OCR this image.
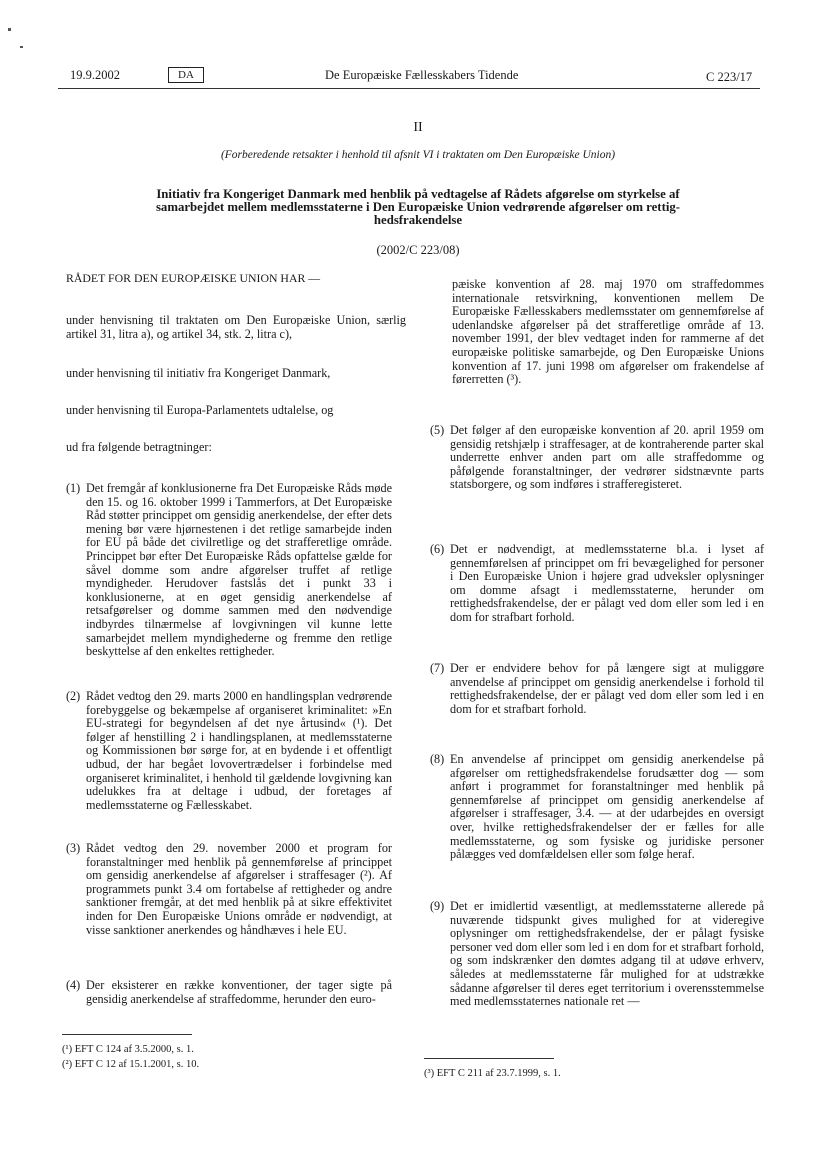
19.9.2002	DA	De Europæiske Fællesskabers Tidende	C 223/17
II
(Forberedende retsakter i henhold til afsnit VI i traktaten om Den Europæiske Union)
Initiativ fra Kongeriget Danmark med henblik på vedtagelse af Rådets afgørelse om styrkelse af
samarbejdet mellem medlemsstaterne i Den Europæiske Union vedrørende afgørelser om rettig-
hedsfrakendelse
(2002/C 223/08)
RÅDET FOR DEN EUROPÆISKE UNION HAR —
under henvisning til traktaten om Den Europæiske Union, særlig artikel 31, litra a), og artikel 34, stk. 2, litra c),
under henvisning til initiativ fra Kongeriget Danmark,
under henvisning til Europa-Parlamentets udtalelse, og
ud fra følgende betragtninger:
(1) Det fremgår af konklusionerne fra Det Europæiske Råds møde den 15. og 16. oktober 1999 i Tammerfors, at Det Europæiske Råd støtter princippet om gensidig anerkendelse, der efter dets mening bør være hjørnestenen i det retlige samarbejde inden for EU på både det civilretlige og det strafferetlige område. Princippet bør efter Det Europæiske Råds opfattelse gælde for såvel domme som andre afgørelser truffet af retlige myndigheder. Herudover fastslås det i punkt 33 i konklusionerne, at en øget gensidig anerkendelse af retsafgørelser og domme sammen med den nødvendige indbyrdes tilnærmelse af lovgivningen vil kunne lette samarbejdet mellem myndighederne og fremme den retlige beskyttelse af den enkeltes rettigheder.
(2) Rådet vedtog den 29. marts 2000 en handlingsplan vedrørende forebyggelse og bekæmpelse af organiseret kriminalitet: »En EU-strategi for begyndelsen af det nye årtusind« (¹). Det følger af henstilling 2 i handlingsplanen, at medlemsstaterne og Kommissionen bør sørge for, at en bydende i et offentligt udbud, der har begået lovovertrædelser i forbindelse med organiseret kriminalitet, i henhold til gældende lovgivning kan udelukkes fra at deltage i udbud, der foretages af medlemsstaterne og Fællesskabet.
(3) Rådet vedtog den 29. november 2000 et program for foranstaltninger med henblik på gennemførelse af princippet om gensidig anerkendelse af afgørelser i straffesager (²). Af programmets punkt 3.4 om fortabelse af rettigheder og andre sanktioner fremgår, at det med henblik på at sikre effektivitet inden for Den Europæiske Unions område er nødvendigt, at visse sanktioner anerkendes og håndhæves i hele EU.
(4) Der eksisterer en række konventioner, der tager sigte på gensidig anerkendelse af straffedomme, herunder den euro-
(¹) EFT C 124 af 3.5.2000, s. 1.
(²) EFT C 12 af 15.1.2001, s. 10.
pæiske konvention af 28. maj 1970 om straffedommes internationale retsvirkning, konventionen mellem De Europæiske Fællesskabers medlemsstater om gennemførelse af udenlandske afgørelser på det strafferetlige område af 13. november 1991, der blev vedtaget inden for rammerne af det europæiske politiske samarbejde, og Den Europæiske Unions konvention af 17. juni 1998 om afgørelser om frakendelse af førerretten (³).
(5) Det følger af den europæiske konvention af 20. april 1959 om gensidig retshjælp i straffesager, at de kontraherende parter skal underrette enhver anden part om alle straffedomme og påfølgende foranstaltninger, der vedrører sidstnævnte parts statsborgere, og som indføres i strafferegisteret.
(6) Det er nødvendigt, at medlemsstaterne bl.a. i lyset af gennemførelsen af princippet om fri bevægelighed for personer i Den Europæiske Union i højere grad udveksler oplysninger om domme afsagt i medlemsstaterne, herunder om rettighedsfrakendelse, der er pålagt ved dom eller som led i en dom for strafbart forhold.
(7) Der er endvidere behov for på længere sigt at muliggøre anvendelse af princippet om gensidig anerkendelse i forhold til rettighedsfrakendelse, der er pålagt ved dom eller som led i en dom for et strafbart forhold.
(8) En anvendelse af princippet om gensidig anerkendelse på afgørelser om rettighedsfrakendelse forudsætter dog — som anført i programmet for foranstaltninger med henblik på gennemførelse af princippet om gensidig anerkendelse af afgørelser i straffesager, 3.4. — at der udarbejdes en oversigt over, hvilke rettighedsfrakendelser der er fælles for alle medlemsstaterne, og som fysiske og juridiske personer pålægges ved domfældelsen eller som følge heraf.
(9) Det er imidlertid væsentligt, at medlemsstaterne allerede på nuværende tidspunkt gives mulighed for at videregive oplysninger om rettighedsfrakendelse, der er pålagt fysiske personer ved dom eller som led i en dom for et strafbart forhold, og som indskrænker den dømtes adgang til at udøve erhverv, således at medlemsstaterne får mulighed for at udstrække sådanne afgørelser til deres eget territorium i overensstemmelse med medlemsstaternes nationale ret —
(³) EFT C 211 af 23.7.1999, s. 1.
